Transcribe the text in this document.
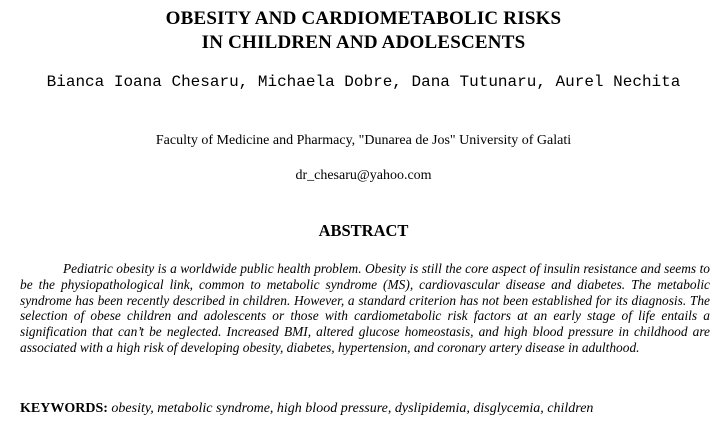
OBESITY AND CARDIOMETABOLIC RISKS
IN CHILDREN AND ADOLESCENTS
Bianca Ioana Chesaru, Michaela Dobre, Dana Tutunaru, Aurel Nechita
Faculty of Medicine and Pharmacy, "Dunarea de Jos" University of Galati
dr_chesaru@yahoo.com
ABSTRACT

Pediatric obesity is a worldwide public health problem. Obesity is still the core aspect of insulin resistance and seems to be the physiopathological link, common to metabolic syndrome (MS), cardiovascular disease and diabetes. The metabolic syndrome has been recently described in children. However, a standard criterion has not been established for its diagnosis. The selection of obese children and adolescents or those with cardiometabolic risk factors at an early stage of life entails a signification that can’t be neglected. Increased BMI, altered glucose homeostasis, and high blood pressure in childhood are associated with a high risk of developing obesity, diabetes, hypertension, and coronary artery disease in adulthood.

KEYWORDS: obesity, metabolic syndrome, high blood pressure, dyslipidemia, disglycemia, children
